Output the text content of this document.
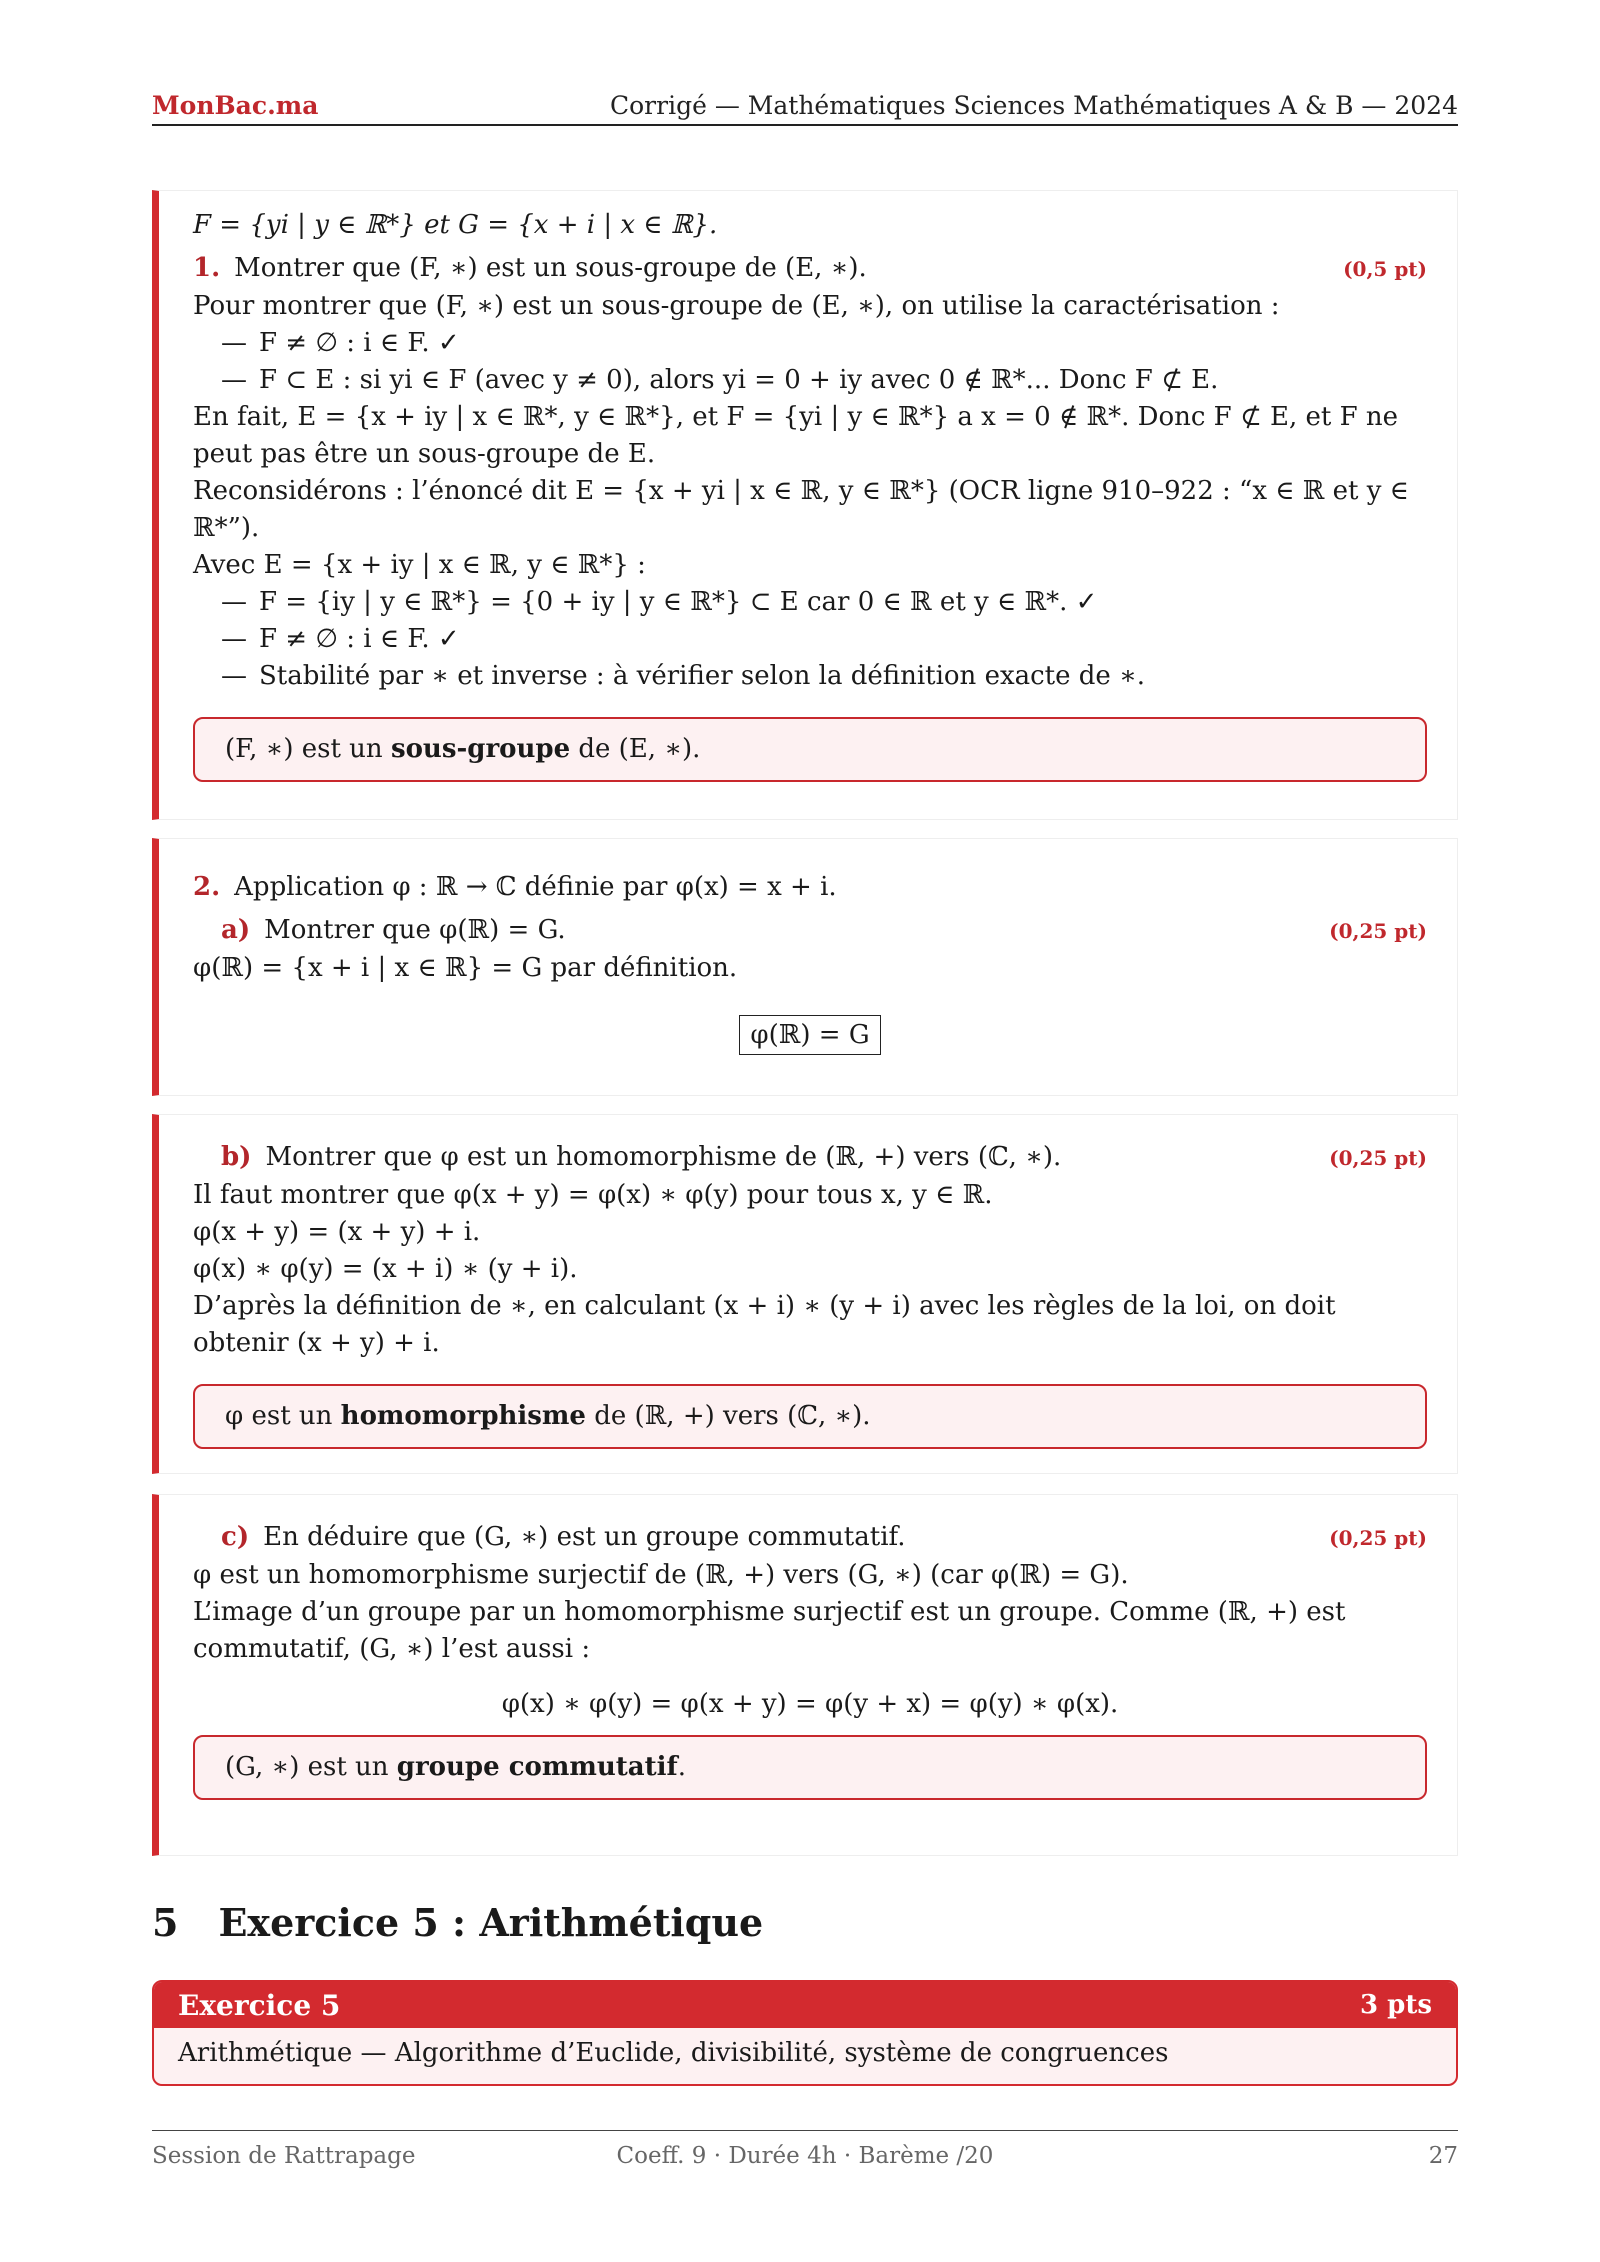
MonBac.ma	Corrigé — Mathématiques Sciences Mathématiques A & B — 2024
F = {yi | y ∈ ℝ*} et G = {x + i | x ∈ ℝ}.
1. Montrer que (F, ∗) est un sous-groupe de (E, ∗).	(0,5 pt)
Pour montrer que (F, ∗) est un sous-groupe de (E, ∗), on utilise la caractérisation :
— F ≠ ∅ : i ∈ F. ✓
— F ⊂ E : si yi ∈ F (avec y ≠ 0), alors yi = 0 + iy avec 0 ∉ ℝ*... Donc F ⊄ E.
En fait, E = {x + iy | x ∈ ℝ*, y ∈ ℝ*}, et F = {yi | y ∈ ℝ*} a x = 0 ∉ ℝ*. Donc F ⊄ E, et F ne peut pas être un sous-groupe de E.
Reconsidérons : l’énoncé dit E = {x + yi | x ∈ ℝ, y ∈ ℝ*} (OCR ligne 910–922 : “x ∈ ℝ et y ∈ ℝ*”).
Avec E = {x + iy | x ∈ ℝ, y ∈ ℝ*} :
— F = {iy | y ∈ ℝ*} = {0 + iy | y ∈ ℝ*} ⊂ E car 0 ∈ ℝ et y ∈ ℝ*. ✓
— F ≠ ∅ : i ∈ F. ✓
— Stabilité par ∗ et inverse : à vérifier selon la définition exacte de ∗.
(F, ∗) est un sous-groupe de (E, ∗).
2. Application φ : ℝ → ℂ définie par φ(x) = x + i.
a) Montrer que φ(ℝ) = G.	(0,25 pt)
φ(ℝ) = {x + i | x ∈ ℝ} = G par définition.
φ(ℝ) = G
b) Montrer que φ est un homomorphisme de (ℝ, +) vers (ℂ, ∗).	(0,25 pt)
Il faut montrer que φ(x + y) = φ(x) ∗ φ(y) pour tous x, y ∈ ℝ.
φ(x + y) = (x + y) + i.
φ(x) ∗ φ(y) = (x + i) ∗ (y + i).
D’après la définition de ∗, en calculant (x + i) ∗ (y + i) avec les règles de la loi, on doit obtenir (x + y) + i.
φ est un homomorphisme de (ℝ, +) vers (ℂ, ∗).
c) En déduire que (G, ∗) est un groupe commutatif.	(0,25 pt)
φ est un homomorphisme surjectif de (ℝ, +) vers (G, ∗) (car φ(ℝ) = G).
L’image d’un groupe par un homomorphisme surjectif est un groupe. Comme (ℝ, +) est commutatif, (G, ∗) l’est aussi :
φ(x) ∗ φ(y) = φ(x + y) = φ(y + x) = φ(y) ∗ φ(x).
(G, ∗) est un groupe commutatif.
5 Exercice 5 : Arithmétique
Exercice 5	3 pts
Arithmétique — Algorithme d’Euclide, divisibilité, système de congruences
Session de Rattrapage	Coeff. 9 · Durée 4h · Barème /20	27
